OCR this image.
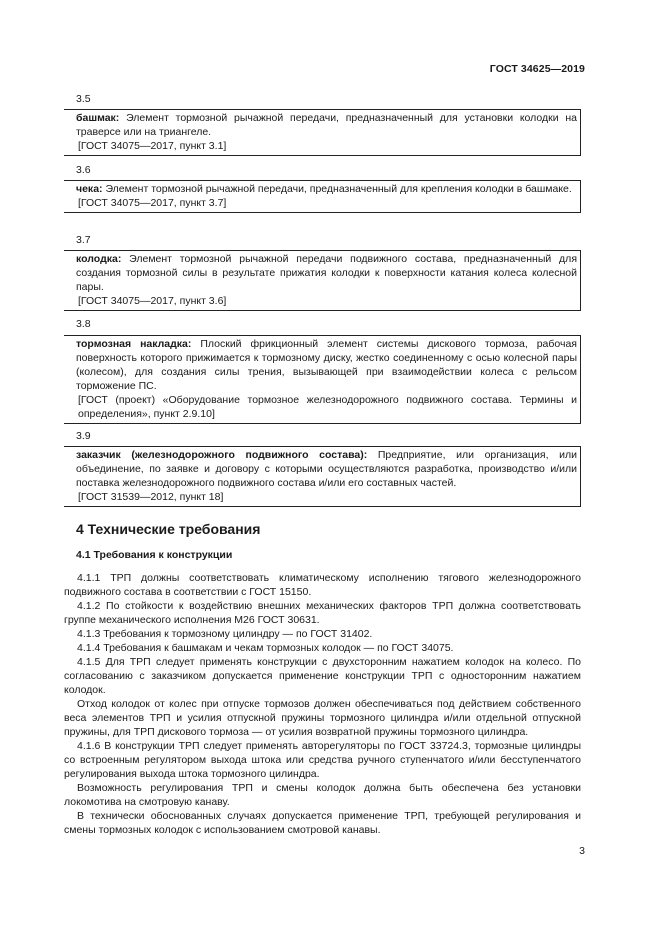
ГОСТ 34625—2019
3.5
башмак: Элемент тормозной рычажной передачи, предназначенный для установки колодки на траверсе или на триангеле.
[ГОСТ 34075—2017, пункт 3.1]
3.6
чека: Элемент тормозной рычажной передачи, предназначенный для крепления колодки в башмаке.
[ГОСТ 34075—2017, пункт 3.7]
3.7
колодка: Элемент тормозной рычажной передачи подвижного состава, предназначенный для создания тормозной силы в результате прижатия колодки к поверхности катания колеса колесной пары.
[ГОСТ 34075—2017, пункт 3.6]
3.8
тормозная накладка: Плоский фрикционный элемент системы дискового тормоза, рабочая поверхность которого прижимается к тормозному диску, жестко соединенному с осью колесной пары (колесом), для создания силы трения, вызывающей при взаимодействии колеса с рельсом торможение ПС.
[ГОСТ (проект) «Оборудование тормозное железнодорожного подвижного состава. Термины и определения», пункт 2.9.10]
3.9
заказчик (железнодорожного подвижного состава): Предприятие, или организация, или объединение, по заявке и договору с которыми осуществляются разработка, производство и/или поставка железнодорожного подвижного состава и/или его составных частей.
[ГОСТ 31539—2012, пункт 18]
4 Технические требования
4.1 Требования к конструкции

4.1.1 ТРП должны соответствовать климатическому исполнению тягового железнодорожного подвижного состава в соответствии с ГОСТ 15150.

4.1.2 По стойкости к воздействию внешних механических факторов ТРП должна соответствовать группе механического исполнения М26 ГОСТ 30631.

4.1.3 Требования к тормозному цилиндру — по ГОСТ 31402.

4.1.4 Требования к башмакам и чекам тормозных колодок — по ГОСТ 34075.

4.1.5 Для ТРП следует применять конструкции с двухсторонним нажатием колодок на колесо. По согласованию с заказчиком допускается применение конструкции ТРП с односторонним нажатием колодок.

Отход колодок от колес при отпуске тормозов должен обеспечиваться под действием собственного веса элементов ТРП и усилия отпускной пружины тормозного цилиндра и/или отдельной отпускной пружины, для ТРП дискового тормоза — от усилия возвратной пружины тормозного цилиндра.

4.1.6 В конструкции ТРП следует применять авторегуляторы по ГОСТ 33724.3, тормозные цилиндры со встроенным регулятором выхода штока или средства ручного ступенчатого и/или бесступенчатого регулирования выхода штока тормозного цилиндра.

Возможность регулирования ТРП и смены колодок должна быть обеспечена без установки локомотива на смотровую канаву.

В технически обоснованных случаях допускается применение ТРП, требующей регулирования и смены тормозных колодок с использованием смотровой канавы.

3
